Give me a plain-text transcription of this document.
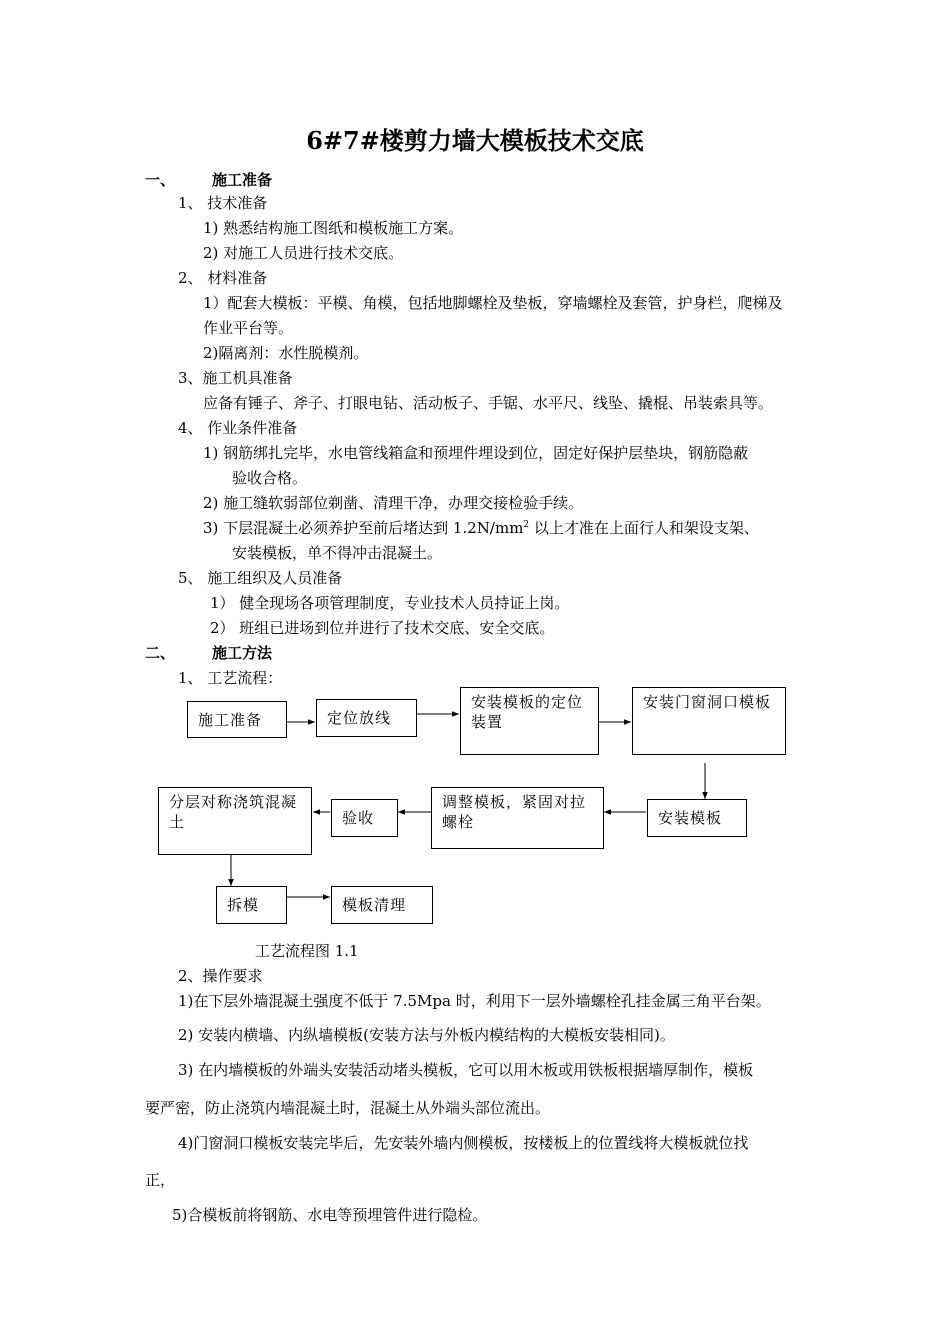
6#7#楼剪力墙大模板技术交底
一、 施工准备
1、 技术准备
1) 熟悉结构施工图纸和模板施工方案。
2) 对施工人员进行技术交底。
2、 材料准备
1）配套大模板：平模、角模，包括地脚螺栓及垫板，穿墙螺栓及套管，护身栏，爬梯及
作业平台等。
2)隔离剂：水性脱模剂。
3、施工机具准备
应备有锤子、斧子、打眼电钻、活动板子、手锯、水平尺、线坠、撬棍、吊装索具等。
4、 作业条件准备
1) 钢筋绑扎完毕，水电管线箱盒和预埋件埋设到位，固定好保护层垫块，钢筋隐蔽
验收合格。
2) 施工缝软弱部位剃凿、清理干净，办理交接检验手续。
3) 下层混凝土必须养护至前后堵达到 $1.2N/mm^2$ 以上才准在上面行人和架设支架、
安装模板，单不得冲击混凝土。
5、 施工组织及人员准备
1） 健全现场各项管理制度，专业技术人员持证上岗。
2） 班组已进场到位并进行了技术交底、安全交底。
二、 施工方法
1、 工艺流程：
施工准备	定位放线
安装模板的定位装置
安装门窗洞口模板
安装模板
调整模板，紧固对拉螺栓
验收
分层对称浇筑混凝土
拆模	模板清理
工艺流程图 1.1
2、操作要求
1)在下层外墙混凝土强度不低于 7.5Mpa 时，利用下一层外墙螺栓孔挂金属三角平台架。
2) 安装内横墙、内纵墙模板(安装方法与外板内模结构的大模板安装相同)。
3) 在内墙模板的外端头安装活动堵头模板，它可以用木板或用铁板根据墙厚制作，模板
要严密，防止浇筑内墙混凝土时，混凝土从外端头部位流出。
4)门窗洞口模板安装完毕后，先安装外墙内侧模板，按楼板上的位置线将大模板就位找
正，
5)合模板前将钢筋、水电等预埋管件进行隐检。
